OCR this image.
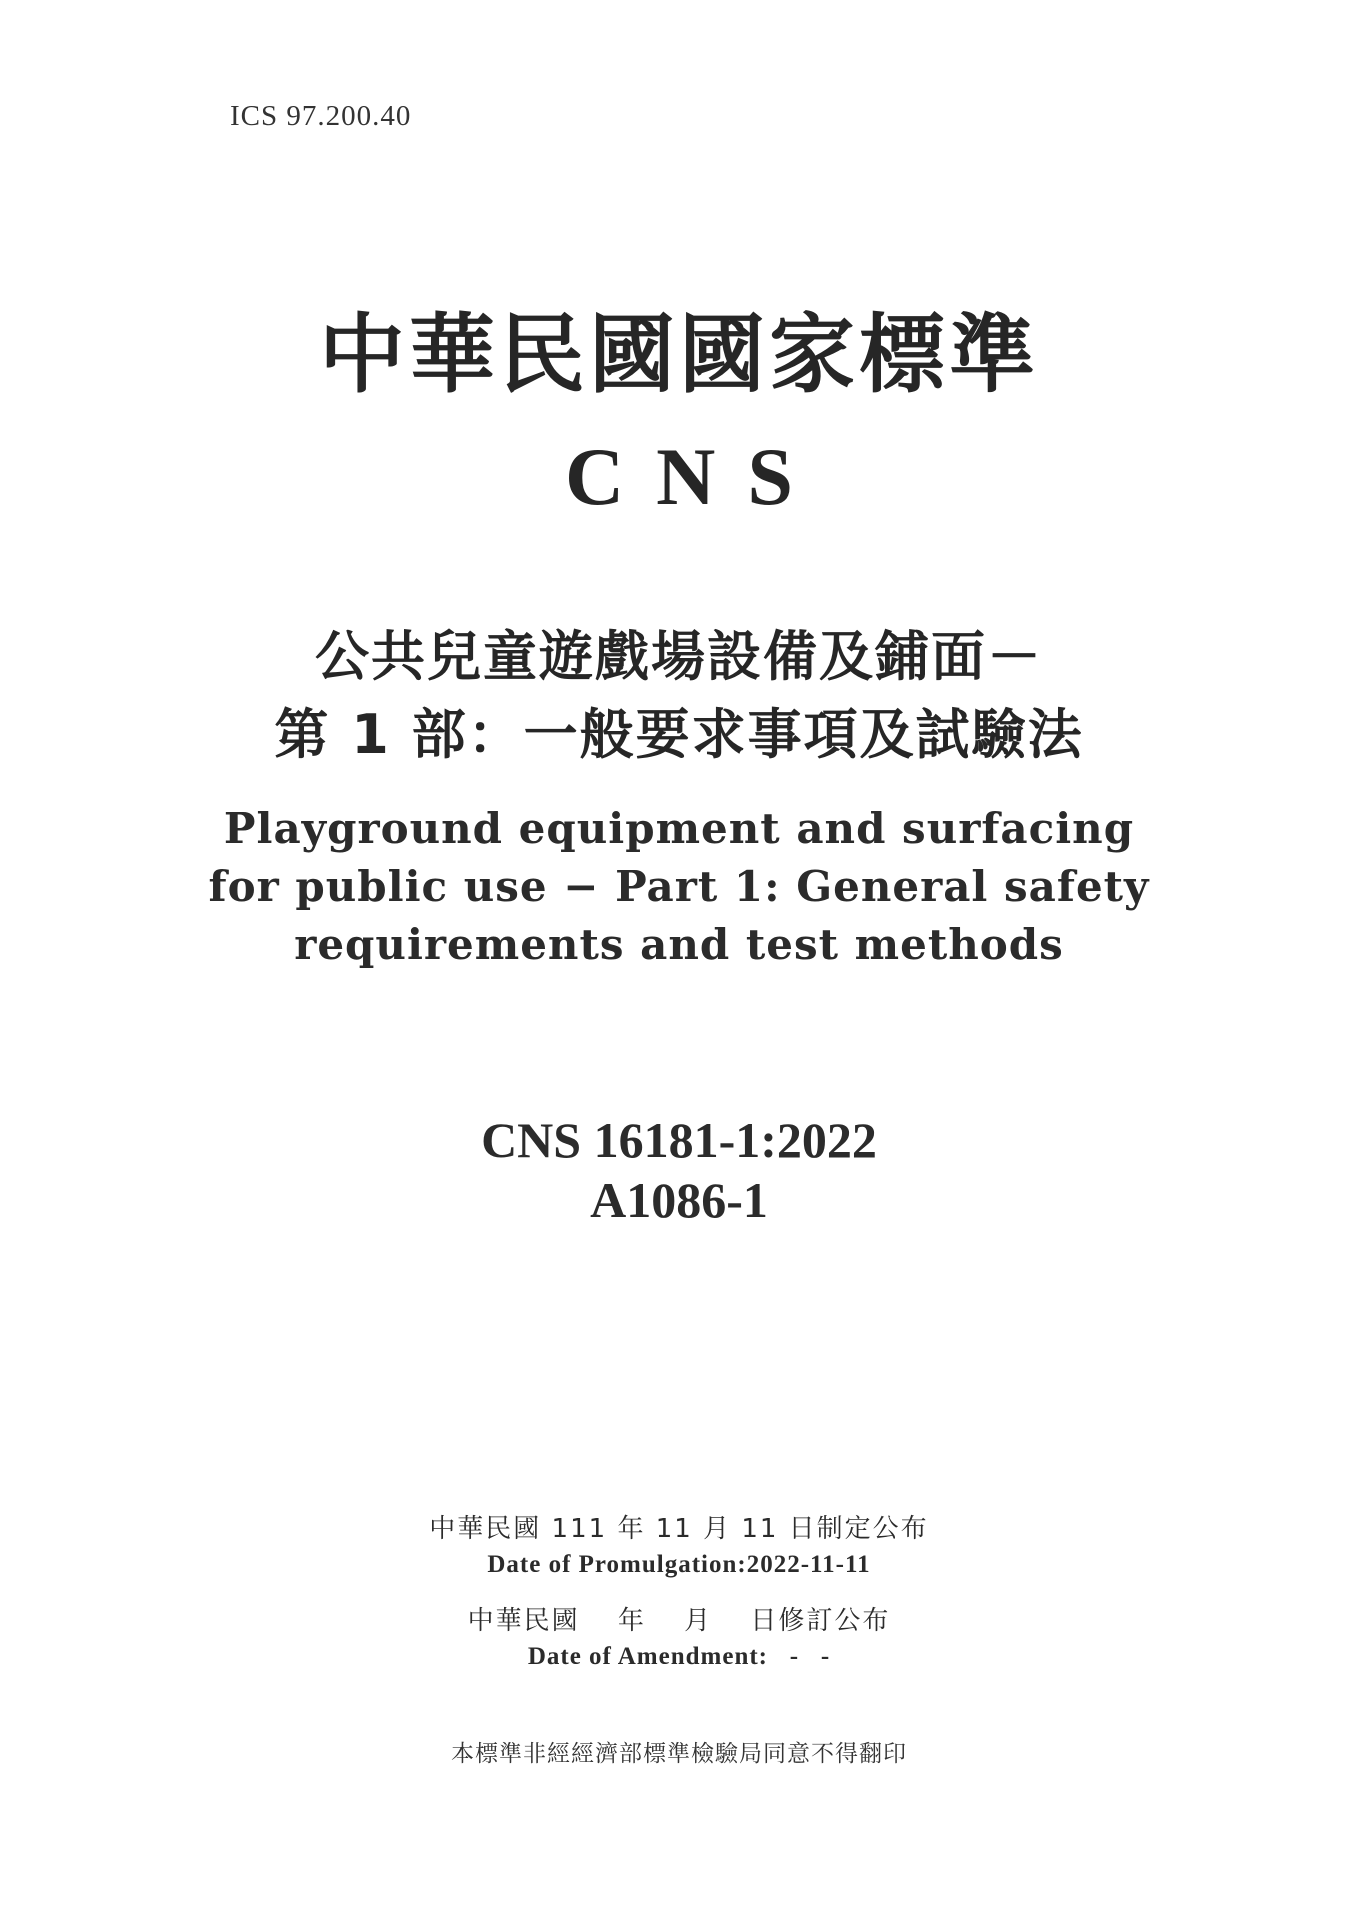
ICS 97.200.40
中華民國國家標準
CNS
公共兒童遊戲場設備及鋪面－
第 1 部：一般要求事項及試驗法
Playground equipment and surfacing
for public use − Part 1: General safety
requirements and test methods
CNS 16181-1:2022
A1086-1
中華民國 111 年 11 月 11 日制定公布
Date of Promulgation:2022-11-11
中華民國　 年　 月　 日修訂公布
Date of Amendment:   -   -
本標準非經經濟部標準檢驗局同意不得翻印
